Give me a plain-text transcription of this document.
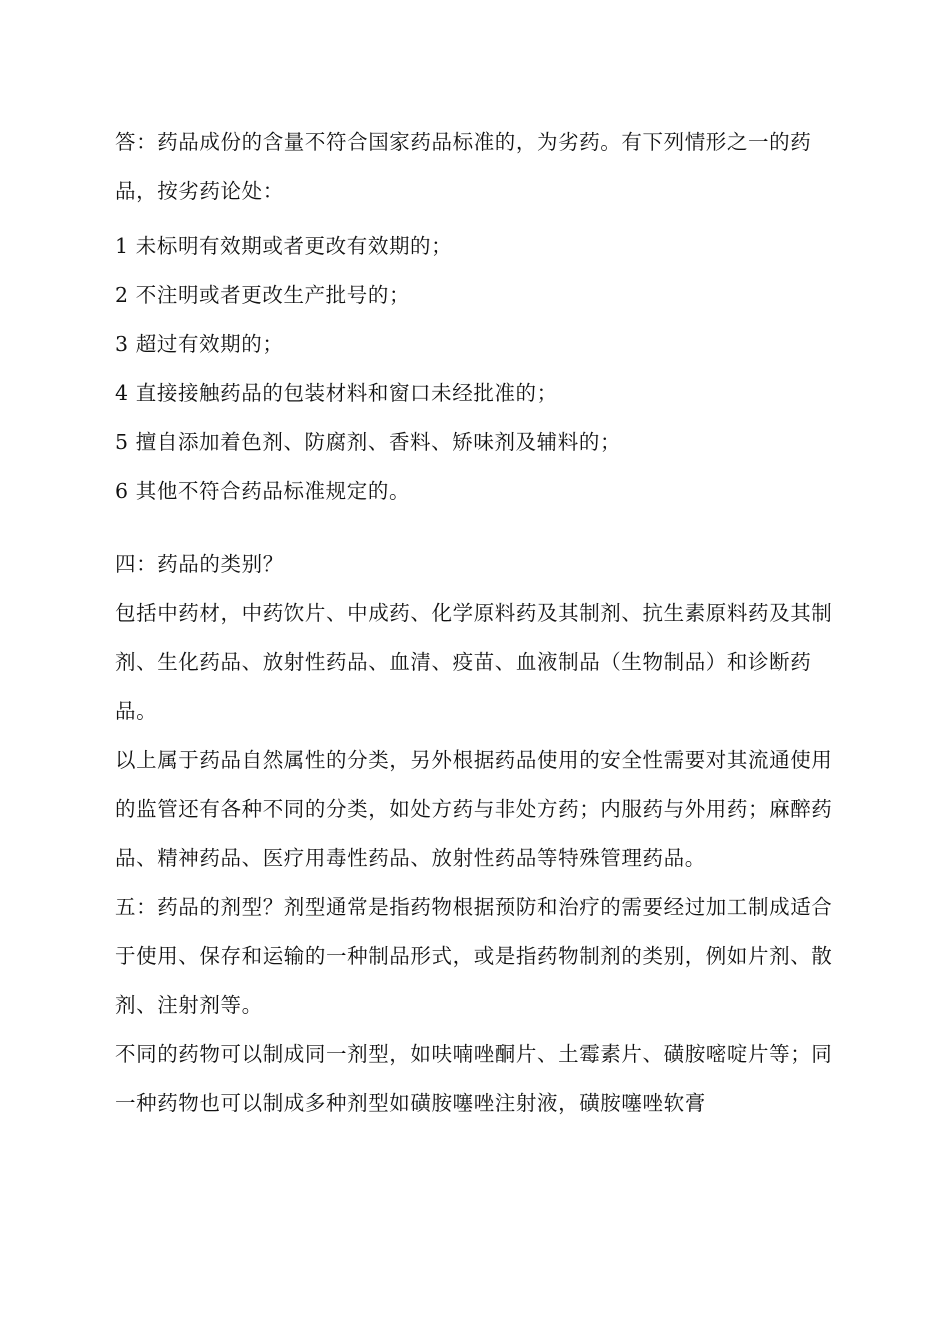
答：药品成份的含量不符合国家药品标准的，为劣药。有下列情形之一的药品，按劣药论处：

1 未标明有效期或者更改有效期的；

2 不注明或者更改生产批号的；

3 超过有效期的；

4 直接接触药品的包装材料和窗口未经批准的；

5 擅自添加着色剂、防腐剂、香料、矫味剂及辅料的；

6 其他不符合药品标准规定的。

四：药品的类别？

包括中药材，中药饮片、中成药、化学原料药及其制剂、抗生素原料药及其制剂、生化药品、放射性药品、血清、疫苗、血液制品（生物制品）和诊断药品。

以上属于药品自然属性的分类，另外根据药品使用的安全性需要对其流通使用的监管还有各种不同的分类，如处方药与非处方药；内服药与外用药；麻醉药品、精神药品、医疗用毒性药品、放射性药品等特殊管理药品。

五：药品的剂型？剂型通常是指药物根据预防和治疗的需要经过加工制成适合于使用、保存和运输的一种制品形式，或是指药物制剂的类别，例如片剂、散剂、注射剂等。

不同的药物可以制成同一剂型，如呋喃唑酮片、土霉素片、磺胺嘧啶片等；同一种药物也可以制成多种剂型如磺胺噻唑注射液，磺胺噻唑软膏
